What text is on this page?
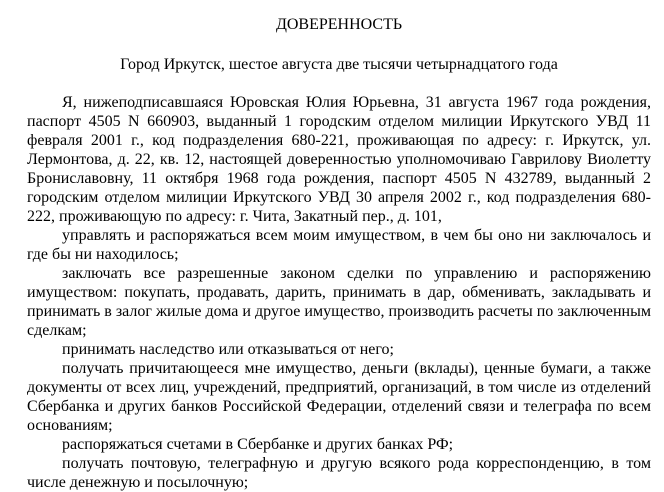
ДОВЕРЕННОСТЬ
Город Иркутск, шестое августа две тысячи четырнадцатого года

Я, нижеподписавшаяся Юровская Юлия Юрьевна, 31 августа 1967 года рождения, паспорт 4505 N 660903, выданный 1 городским отделом милиции Иркутского УВД 11 февраля 2001 г., код подразделения 680-221, проживающая по адресу: г. Иркутск, ул. Лермонтова, д. 22, кв. 12, настоящей доверенностью уполномочиваю Гаврилову Виолетту Брониславовну, 11 октября 1968 года рождения, паспорт 4505 N 432789, выданный 2 городским отделом милиции Иркутского УВД 30 апреля 2002 г., код подразделения 680-222, проживающую по адресу: г. Чита, Закатный пер., д. 101,

управлять и распоряжаться всем моим имуществом, в чем бы оно ни заключалось и где бы ни находилось;

заключать все разрешенные законом сделки по управлению и распоряжению имуществом: покупать, продавать, дарить, принимать в дар, обменивать, закладывать и принимать в залог жилые дома и другое имущество, производить расчеты по заключенным сделкам;

принимать наследство или отказываться от него;

получать причитающееся мне имущество, деньги (вклады), ценные бумаги, а также документы от всех лиц, учреждений, предприятий, организаций, в том числе из отделений Сбербанка и других банков Российской Федерации, отделений связи и телеграфа по всем основаниям;

распоряжаться счетами в Сбербанке и других банках РФ;

получать почтовую, телеграфную и другую всякого рода корреспонденцию, в том числе денежную и посылочную;
